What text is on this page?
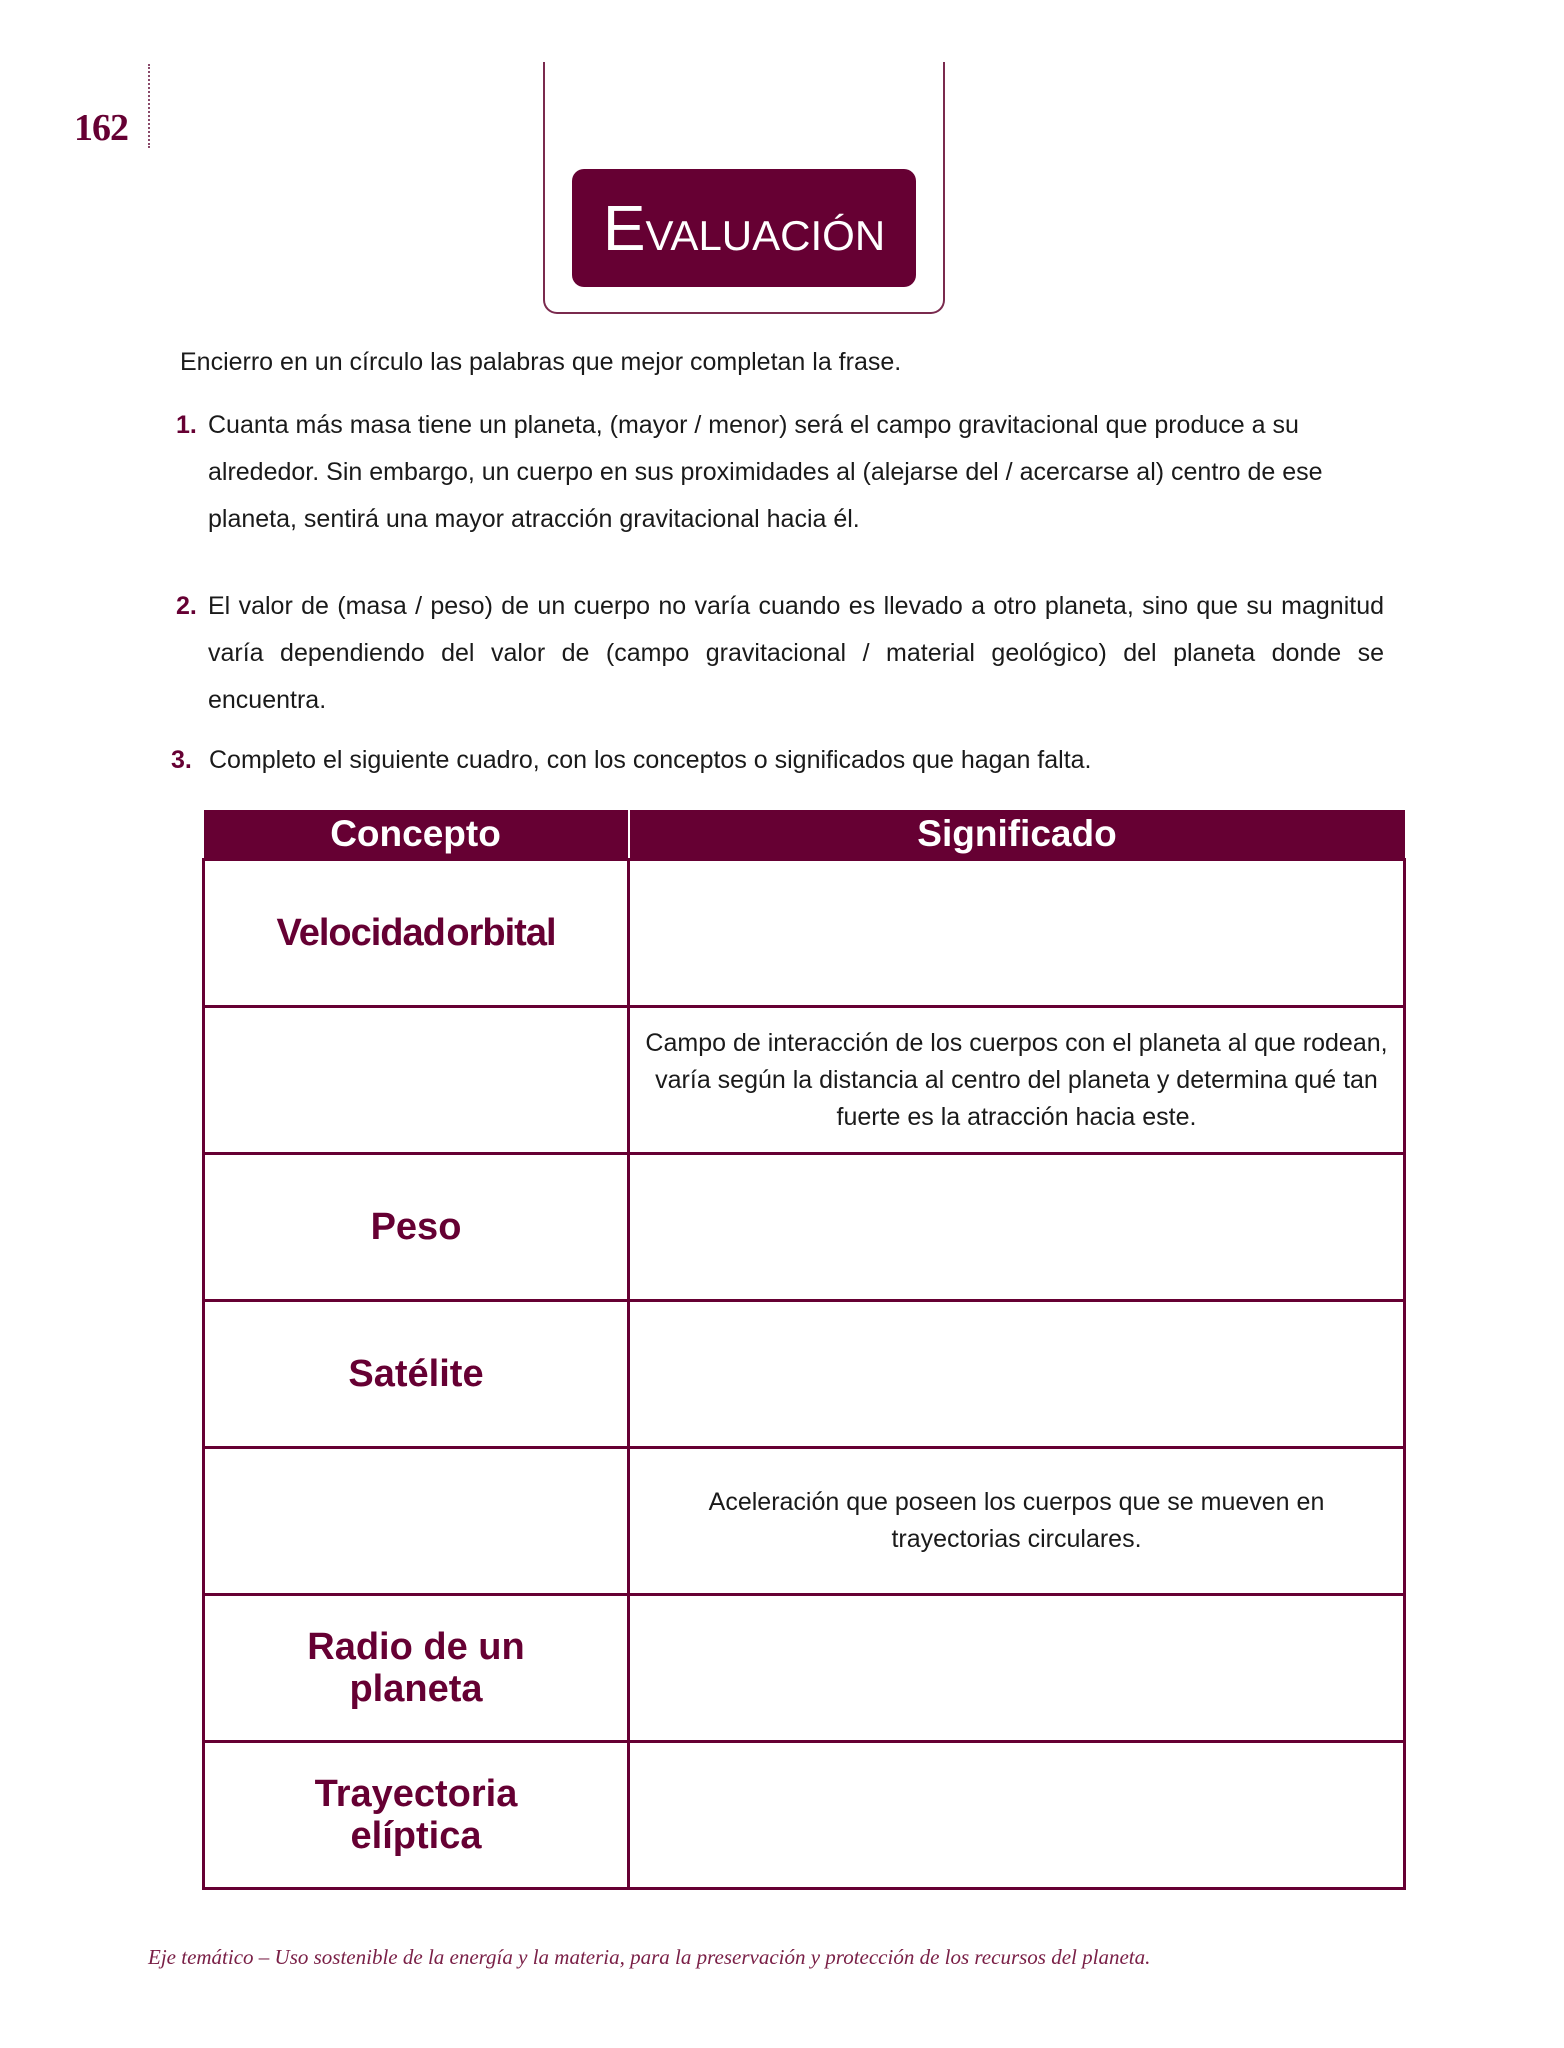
162
EVALUACIÓN
Encierro en un círculo las palabras que mejor completan la frase.
1. Cuanta más masa tiene un planeta, (mayor / menor) será el campo gravitacional que produce a su alrededor. Sin embargo, un cuerpo en sus proximidades al (alejarse del / acercarse al) centro de ese planeta, sentirá una mayor atracción gravitacional hacia él.
2. El valor de (masa / peso) de un cuerpo no varía cuando es llevado a otro planeta, sino que su magnitud varía dependiendo del valor de (campo gravitacional / material geológico) del planeta donde se encuentra.
3. Completo el siguiente cuadro, con los conceptos o significados que hagan falta.
Concepto	Significado
Velocidad orbital	
	Campo de interacción de los cuerpos con el planeta al que rodean, varía según la distancia al centro del planeta y determina qué tan fuerte es la atracción hacia este.
Peso	
Satélite	
	Aceleración que poseen los cuerpos que se mueven en trayectorias circulares.
Radio de un planeta	
Trayectoria elíptica	
Eje temático – Uso sostenible de la energía y la materia, para la preservación y protección de los recursos del planeta.
